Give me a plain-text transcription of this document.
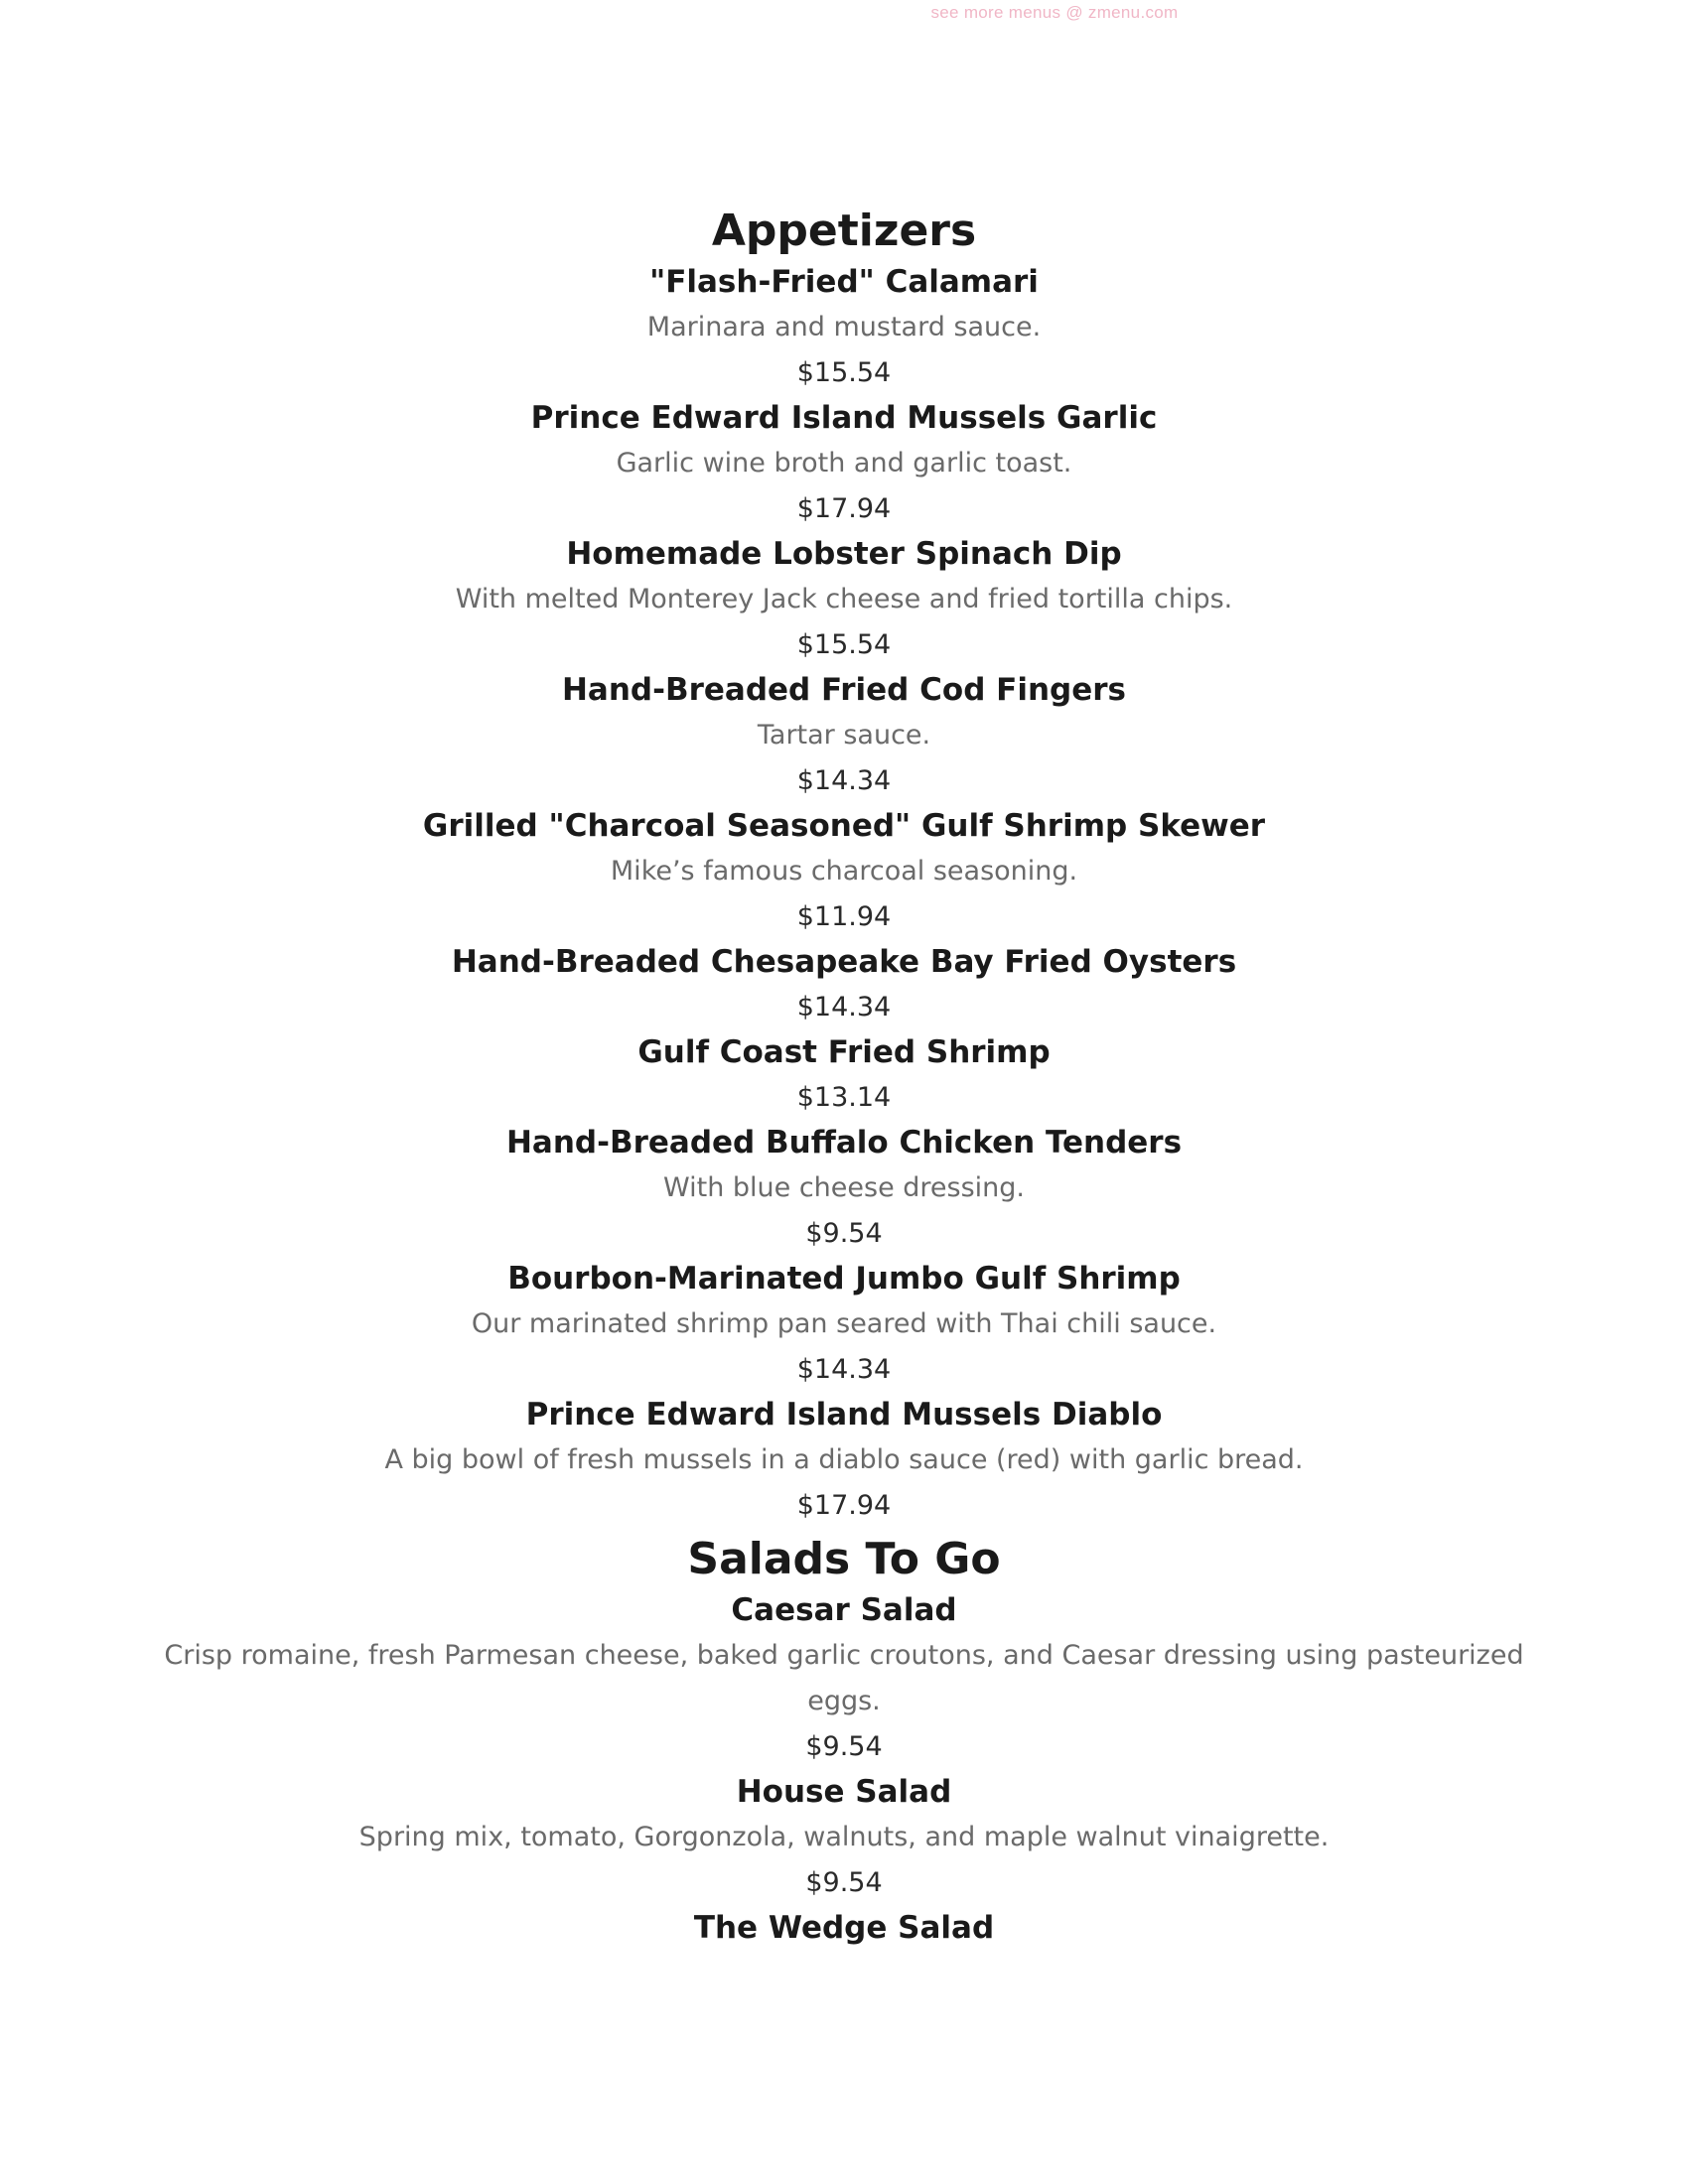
see more menus @ zmenu.com
Appetizers
"Flash-Fried" Calamari
Marinara and mustard sauce.
$15.54
Prince Edward Island Mussels Garlic
Garlic wine broth and garlic toast.
$17.94
Homemade Lobster Spinach Dip
With melted Monterey Jack cheese and fried tortilla chips.
$15.54
Hand-Breaded Fried Cod Fingers
Tartar sauce.
$14.34
Grilled "Charcoal Seasoned" Gulf Shrimp Skewer
Mike’s famous charcoal seasoning.
$11.94
Hand-Breaded Chesapeake Bay Fried Oysters
$14.34
Gulf Coast Fried Shrimp
$13.14
Hand-Breaded Buffalo Chicken Tenders
With blue cheese dressing.
$9.54
Bourbon-Marinated Jumbo Gulf Shrimp
Our marinated shrimp pan seared with Thai chili sauce.
$14.34
Prince Edward Island Mussels Diablo
A big bowl of fresh mussels in a diablo sauce (red) with garlic bread.
$17.94
Salads To Go
Caesar Salad
Crisp romaine, fresh Parmesan cheese, baked garlic croutons, and Caesar dressing using pasteurized eggs.
$9.54
House Salad
Spring mix, tomato, Gorgonzola, walnuts, and maple walnut vinaigrette.
$9.54
The Wedge Salad
